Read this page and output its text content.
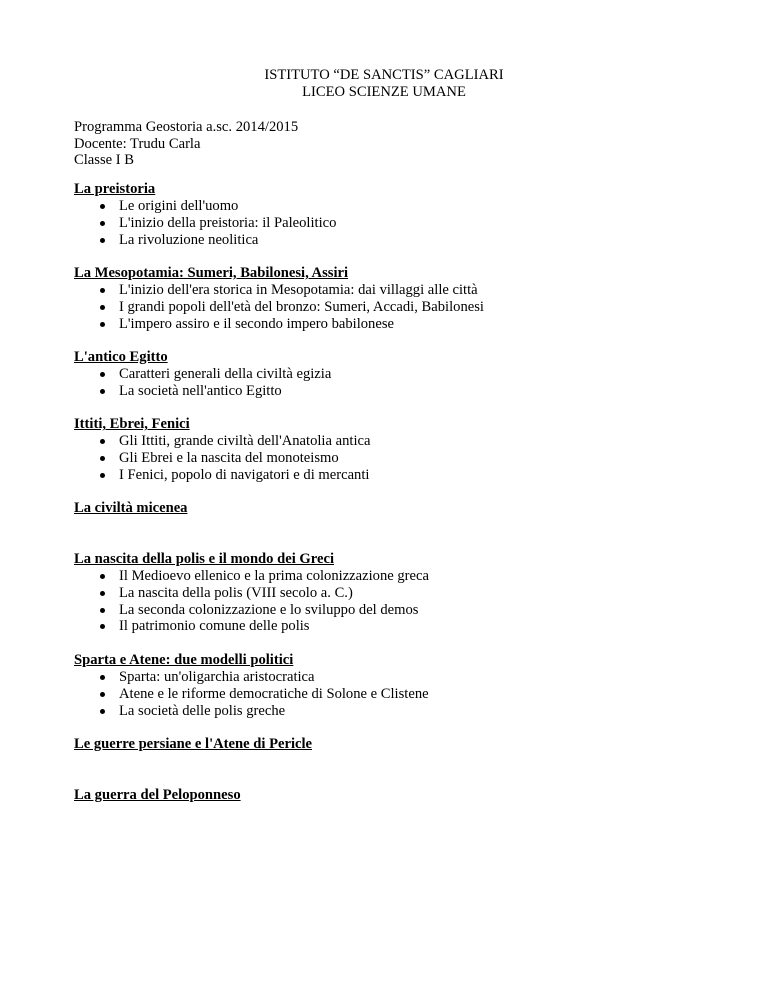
ISTITUTO “DE SANCTIS” CAGLIARI
LICEO SCIENZE UMANE
Programma Geostoria a.sc. 2014/2015
Docente: Trudu Carla
Classe I B
La preistoria
Le origini dell'uomo
L'inizio della preistoria: il Paleolitico
La rivoluzione neolitica
La Mesopotamia: Sumeri, Babilonesi, Assiri
L'inizio dell'era storica in Mesopotamia: dai villaggi alle città
I grandi popoli dell'età del bronzo: Sumeri, Accadi, Babilonesi
L'impero assiro e il secondo impero babilonese
L'antico Egitto
Caratteri generali della civiltà egizia
La società nell'antico Egitto
Ittiti, Ebrei, Fenici
Gli Ittiti, grande civiltà dell'Anatolia antica
Gli Ebrei e la nascita del monoteismo
I Fenici, popolo di navigatori e di mercanti
La civiltà micenea
La nascita della polis e il mondo dei Greci
Il Medioevo ellenico e la prima colonizzazione greca
La nascita della polis (VIII secolo a. C.)
La seconda colonizzazione e lo sviluppo del demos
Il patrimonio comune delle polis
Sparta e Atene: due modelli politici
Sparta: un'oligarchia aristocratica
Atene e le riforme democratiche di Solone e Clistene
La società delle polis greche
Le guerre persiane e l'Atene di Pericle
La guerra del Peloponneso
